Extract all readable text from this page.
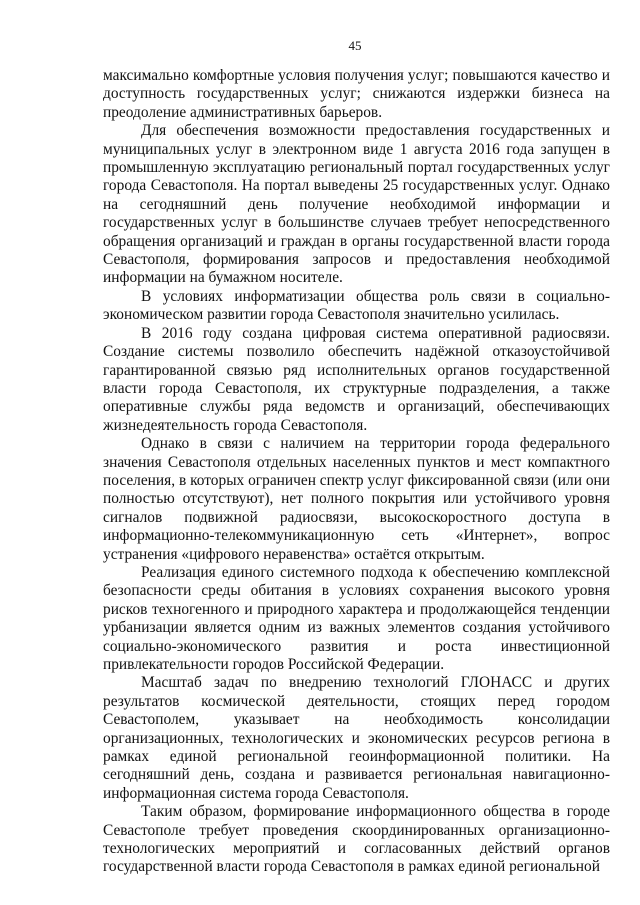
45

максимально комфортные условия получения услуг; повышаются качество и доступность государственных услуг; снижаются издержки бизнеса на преодоление административных барьеров.

Для обеспечения возможности предоставления государственных и муниципальных услуг в электронном виде 1 августа 2016 года запущен в промышленную эксплуатацию региональный портал государственных услуг города Севастополя. На портал выведены 25 государственных услуг. Однако на сегодняшний день получение необходимой информации и государственных услуг в большинстве случаев требует непосредственного обращения организаций и граждан в органы государственной власти города Севастополя, формирования запросов и предоставления необходимой информации на бумажном носителе.

В условиях информатизации общества роль связи в социально-экономическом развитии города Севастополя значительно усилилась.

В 2016 году создана цифровая система оперативной радиосвязи. Создание системы позволило обеспечить надёжной отказоустойчивой гарантированной связью ряд исполнительных органов государственной власти города Севастополя, их структурные подразделения, а также оперативные службы ряда ведомств и организаций, обеспечивающих жизнедеятельность города Севастополя.

Однако в связи с наличием на территории города федерального значения Севастополя отдельных населенных пунктов и мест компактного поселения, в которых ограничен спектр услуг фиксированной связи (или они полностью отсутствуют), нет полного покрытия или устойчивого уровня сигналов подвижной радиосвязи, высокоскоростного доступа в информационно-телекоммуникационную сеть «Интернет», вопрос устранения «цифрового неравенства» остаётся открытым.

Реализация единого системного подхода к обеспечению комплексной безопасности среды обитания в условиях сохранения высокого уровня рисков техногенного и природного характера и продолжающейся тенденции урбанизации является одним из важных элементов создания устойчивого социально-экономического развития и роста инвестиционной привлекательности городов Российской Федерации.

Масштаб задач по внедрению технологий ГЛОНАСС и других результатов космической деятельности, стоящих перед городом Севастополем, указывает на необходимость консолидации организационных, технологических и экономических ресурсов региона в рамках единой региональной геоинформационной политики. На сегодняшний день, создана и развивается региональная навигационно-информационная система города Севастополя.

Таким образом, формирование информационного общества в городе Севастополе требует проведения скоординированных организационно-технологических мероприятий и согласованных действий органов государственной власти города Севастополя в рамках единой региональной
